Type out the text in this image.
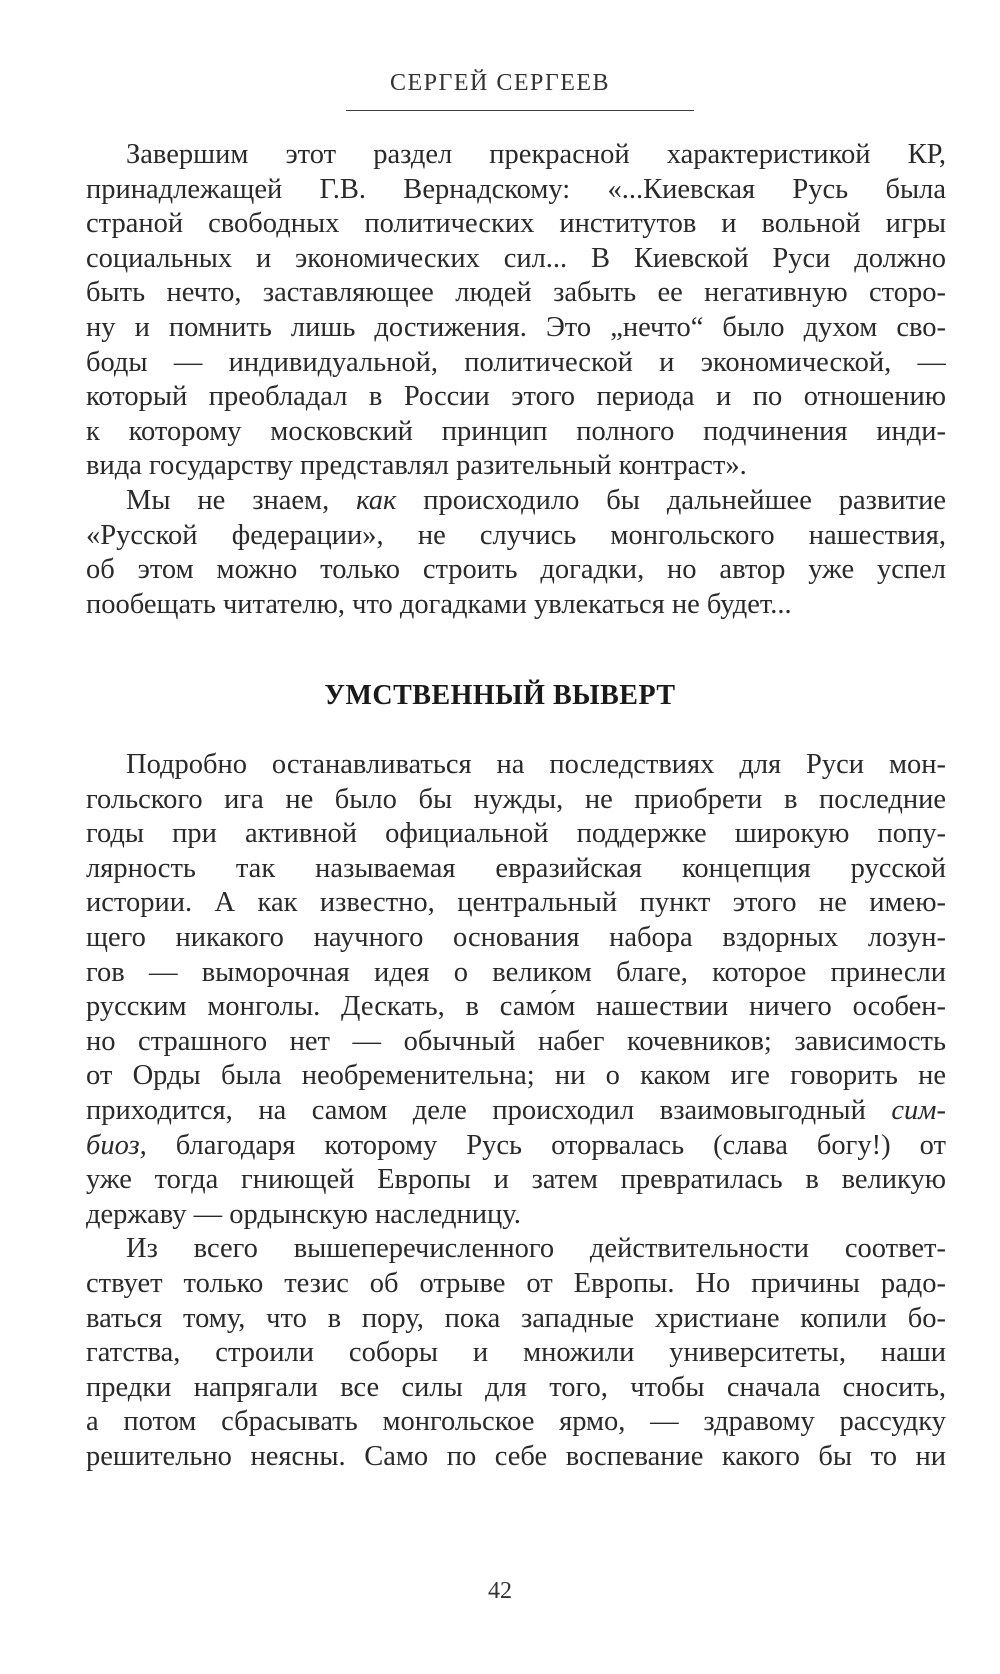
СЕРГЕЙ СЕРГЕЕВ
Завершим этот раздел прекрасной характеристикой КР,
принадлежащей Г.В. Вернадскому: «...Киевская Русь была
страной свободных политических институтов и вольной игры
социальных и экономических сил... В Киевской Руси должно
быть нечто, заставляющее людей забыть ее негативную сторо-
ну и помнить лишь достижения. Это „нечто“ было духом сво-
боды — индивидуальной, политической и экономической, —
который преобладал в России этого периода и по отношению
к которому московский принцип полного подчинения инди-
вида государству представлял разительный контраст».
Мы не знаем, как происходило бы дальнейшее развитие
«Русской федерации», не случись монгольского нашествия,
об этом можно только строить догадки, но автор уже успел
пообещать читателю, что догадками увлекаться не будет...
УМСТВЕННЫЙ ВЫВЕРТ
Подробно останавливаться на последствиях для Руси мон-
гольского ига не было бы нужды, не приобрети в последние
годы при активной официальной поддержке широкую попу-
лярность так называемая евразийская концепция русской
истории. А как известно, центральный пункт этого не имею-
щего никакого научного основания набора вздорных лозун-
гов — выморочная идея о великом благе, которое принесли
русским монголы. Дескать, в само́м нашествии ничего особен-
но страшного нет — обычный набег кочевников; зависимость
от Орды была необременительна; ни о каком иге говорить не
приходится, на самом деле происходил взаимовыгодный сим-
биоз, благодаря которому Русь оторвалась (слава богу!) от
уже тогда гниющей Европы и затем превратилась в великую
державу — ордынскую наследницу.
Из всего вышеперечисленного действительности соответ-
ствует только тезис об отрыве от Европы. Но причины радо-
ваться тому, что в пору, пока западные христиане копили бо-
гатства, строили соборы и множили университеты, наши
предки напрягали все силы для того, чтобы сначала сносить,
а потом сбрасывать монгольское ярмо, — здравому рассудку
решительно неясны. Само по себе воспевание какого бы то ни
42
